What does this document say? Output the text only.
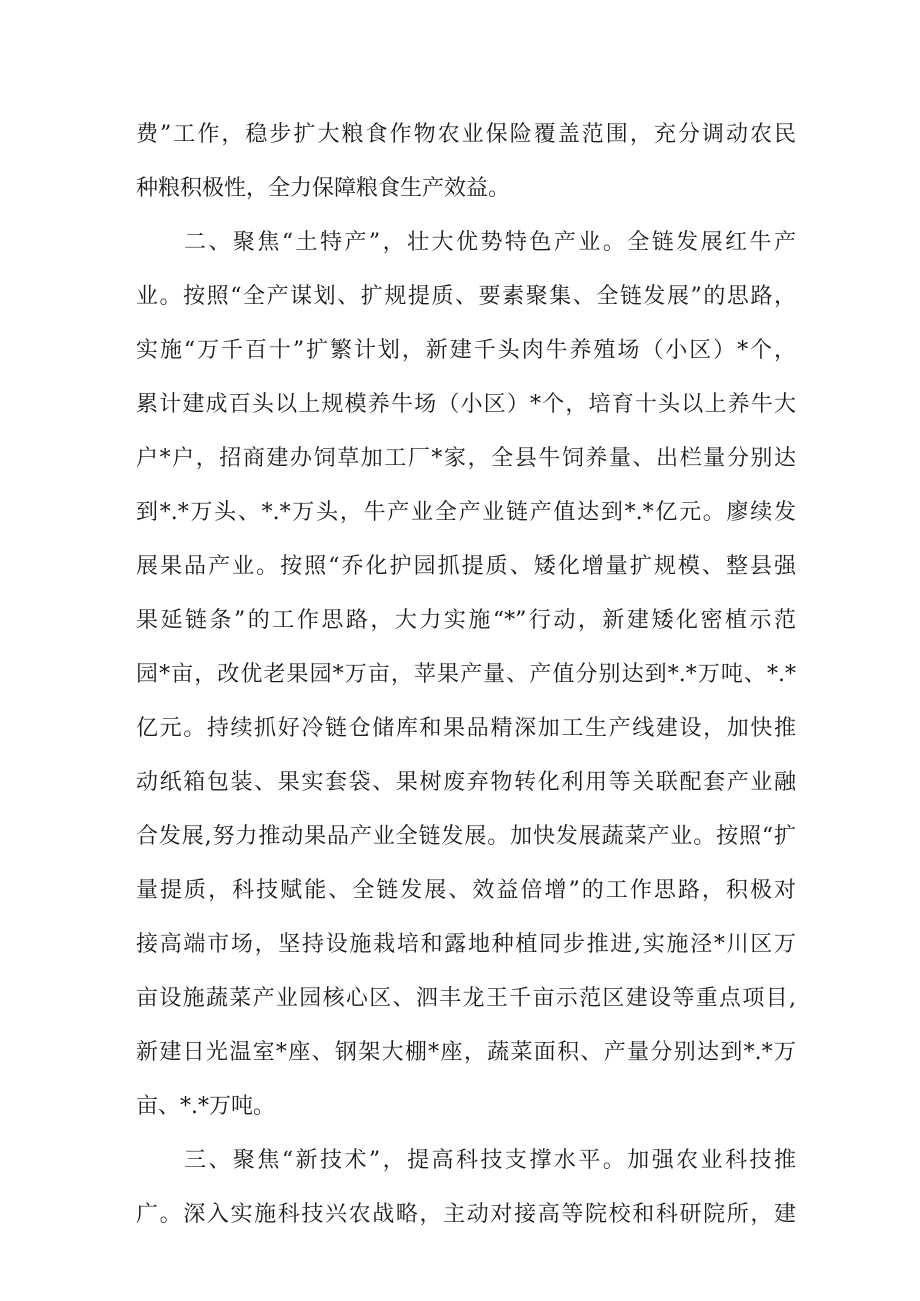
费”工作，稳步扩大粮食作物农业保险覆盖范围，充分调动农民
种粮积极性，全力保障粮食生产效益。
二、聚焦“土特产”，壮大优势特色产业。全链发展红牛产
业。按照“全产谋划、扩规提质、要素聚集、全链发展”的思路，
实施“万千百十”扩繁计划，新建千头肉牛养殖场（小区）*个，
累计建成百头以上规模养牛场（小区）*个，培育十头以上养牛大
户*户，招商建办饲草加工厂*家，全县牛饲养量、出栏量分别达
到*.*万头、*.*万头，牛产业全产业链产值达到*.*亿元。廖续发
展果品产业。按照“乔化护园抓提质、矮化增量扩规模、整县强
果延链条”的工作思路，大力实施“*”行动，新建矮化密植示范
园*亩，改优老果园*万亩，苹果产量、产值分别达到*.*万吨、*.*
亿元。持续抓好冷链仓储库和果品精深加工生产线建设，加快推
动纸箱包装、果实套袋、果树废弃物转化利用等关联配套产业融
合发展,努力推动果品产业全链发展。加快发展蔬菜产业。按照“扩
量提质，科技赋能、全链发展、效益倍增”的工作思路，积极对
接高端市场，坚持设施栽培和露地种植同步推进,实施泾*川区万
亩设施蔬菜产业园核心区、泗丰龙王千亩示范区建设等重点项目,
新建日光温室*座、钢架大棚*座，蔬菜面积、产量分别达到*.*万
亩、*.*万吨。
三、聚焦“新技术”，提高科技支撑水平。加强农业科技推
广。深入实施科技兴农战略，主动对接高等院校和科研院所，建
